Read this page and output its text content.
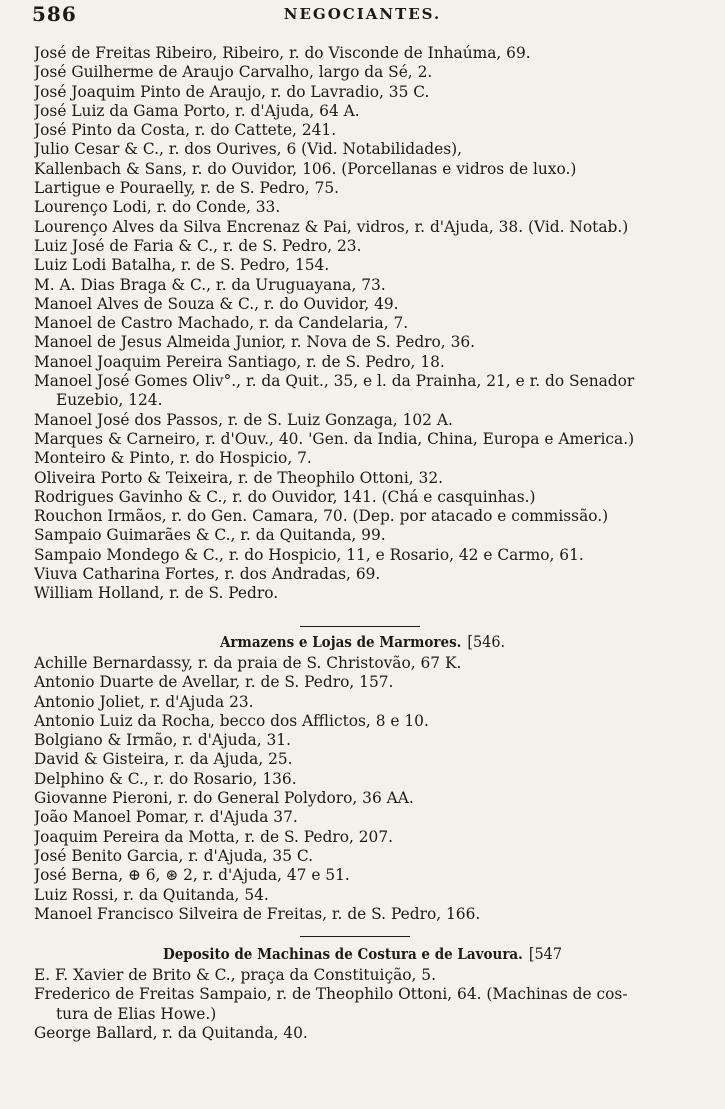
586	NEGOCIANTES.
José de Freitas Ribeiro, Ribeiro, r. do Visconde de Inhaúma, 69.
José Guilherme de Araujo Carvalho, largo da Sé, 2.
José Joaquim Pinto de Araujo, r. do Lavradio, 35 C.
José Luiz da Gama Porto, r. d'Ajuda, 64 A.
José Pinto da Costa, r. do Cattete, 241.
Julio Cesar & C., r. dos Ourives, 6 (Vid. Notabilidades),
Kallenbach & Sans, r. do Ouvidor, 106. (Porcellanas e vidros de luxo.)
Lartigue e Pouraelly, r. de S. Pedro, 75.
Lourenço Lodi, r. do Conde, 33.
Lourenço Alves da Silva Encrenaz & Pai, vidros, r. d'Ajuda, 38. (Vid. Notab.)
Luiz José de Faria & C., r. de S. Pedro, 23.
Luiz Lodi Batalha, r. de S. Pedro, 154.
M. A. Dias Braga & C., r. da Uruguayana, 73.
Manoel Alves de Souza & C., r. do Ouvidor, 49.
Manoel de Castro Machado, r. da Candelaria, 7.
Manoel de Jesus Almeida Junior, r. Nova de S. Pedro, 36.
Manoel Joaquim Pereira Santiago, r. de S. Pedro, 18.
Manoel José Gomes Oliv°., r. da Quit., 35, e l. da Prainha, 21, e r. do Senador
Euzebio, 124.
Manoel José dos Passos, r. de S. Luiz Gonzaga, 102 A.
Marques & Carneiro, r. d'Ouv., 40. 'Gen. da India, China, Europa e America.)
Monteiro & Pinto, r. do Hospicio, 7.
Oliveira Porto & Teixeira, r. de Theophilo Ottoni, 32.
Rodrigues Gavinho & C., r. do Ouvidor, 141. (Chá e casquinhas.)
Rouchon Irmãos, r. do Gen. Camara, 70. (Dep. por atacado e commissão.)
Sampaio Guimarães & C., r. da Quitanda, 99.
Sampaio Mondego & C., r. do Hospicio, 11, e Rosario, 42 e Carmo, 61.
Viuva Catharina Fortes, r. dos Andradas, 69.
William Holland, r. de S. Pedro.
Armazens e Lojas de Marmores. [546.
Achille Bernardassy, r. da praia de S. Christovão, 67 K.
Antonio Duarte de Avellar, r. de S. Pedro, 157.
Antonio Joliet, r. d'Ajuda 23.
Antonio Luiz da Rocha, becco dos Afflictos, 8 e 10.
Bolgiano & Irmão, r. d'Ajuda, 31.
David & Gisteira, r. da Ajuda, 25.
Delphino & C., r. do Rosario, 136.
Giovanne Pieroni, r. do General Polydoro, 36 AA.
João Manoel Pomar, r. d'Ajuda 37.
Joaquim Pereira da Motta, r. de S. Pedro, 207.
José Benito Garcia, r. d'Ajuda, 35 C.
José Berna, ⊕ 6, ⊛ 2, r. d'Ajuda, 47 e 51.
Luiz Rossi, r. da Quitanda, 54.
Manoel Francisco Silveira de Freitas, r. de S. Pedro, 166.
Deposito de Machinas de Costura e de Lavoura. [547
E. F. Xavier de Brito & C., praça da Constituição, 5.
Frederico de Freitas Sampaio, r. de Theophilo Ottoni, 64. (Machinas de cos-
tura de Elias Howe.)
George Ballard, r. da Quitanda, 40.
